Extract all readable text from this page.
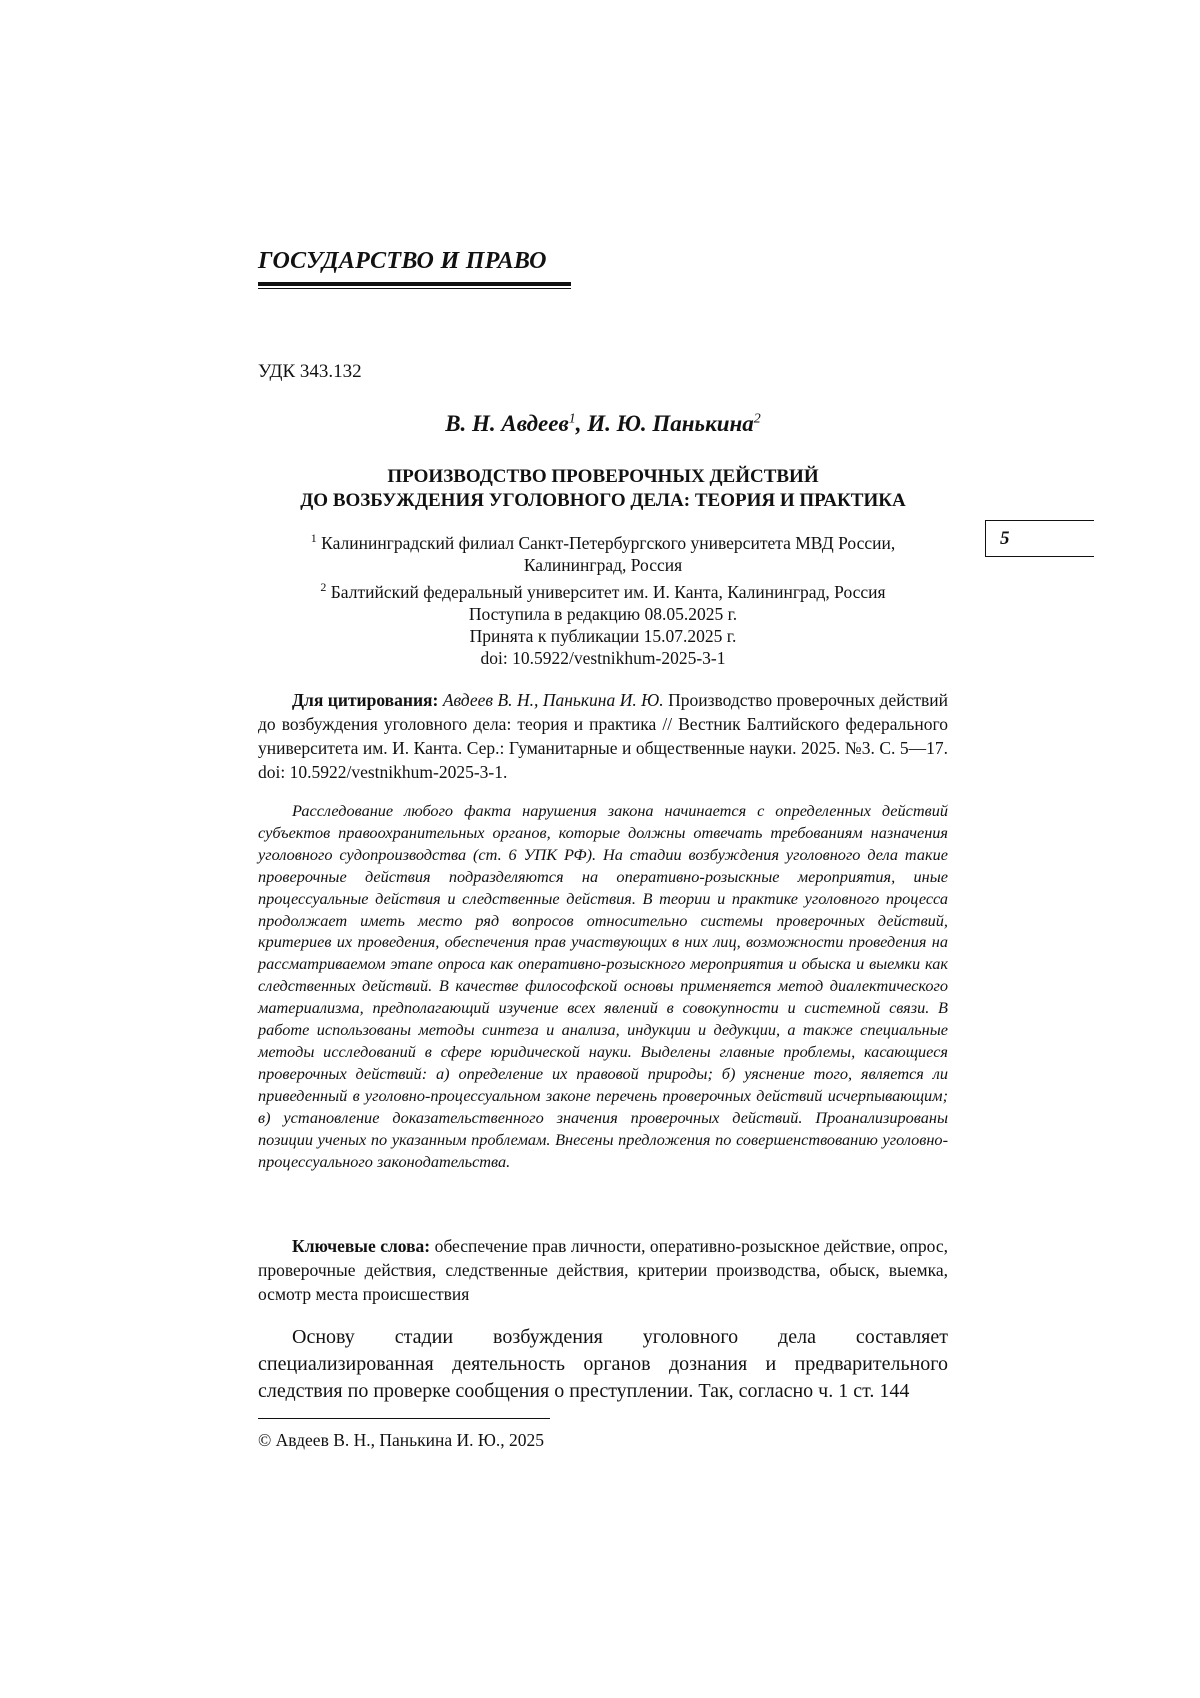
ГОСУДАРСТВО И ПРАВО
УДК 343.132
В. Н. Авдеев$^1$, И. Ю. Панькина$^2$
ПРОИЗВОДСТВО ПРОВЕРОЧНЫХ ДЕЙСТВИЙ
ДО ВОЗБУЖДЕНИЯ УГОЛОВНОГО ДЕЛА: ТЕОРИЯ И ПРАКТИКА
5
$^1$ Калининградский филиал Санкт-Петербургского университета МВД России,
Калининград, Россия
$^2$ Балтийский федеральный университет им. И. Канта, Калининград, Россия
Поступила в редакцию 08.05.2025 г.
Принята к публикации 15.07.2025 г.
doi: 10.5922/vestnikhum-2025-3-1
Для цитирования: Авдеев В. Н., Панькина И. Ю. Производство проверочных действий до возбуждения уголовного дела: теория и практика // Вестник Балтийского федерального университета им. И. Канта. Сер.: Гуманитарные и общественные науки. 2025. №3. С. 5—17. doi: 10.5922/vestnikhum-2025-3-1.
Расследование любого факта нарушения закона начинается с определенных действий субъектов правоохранительных органов, которые должны отвечать требованиям назначения уголовного судопроизводства (ст. 6 УПК РФ). На стадии возбуждения уголовного дела такие проверочные действия подразделяются на оперативно-розыскные мероприятия, иные процессуальные действия и следственные действия. В теории и практике уголовного процесса продолжает иметь место ряд вопросов относительно системы проверочных действий, критериев их проведения, обеспечения прав участвующих в них лиц, возможности проведения на рассматриваемом этапе опроса как оперативно-розыскного мероприятия и обыска и выемки как следственных действий. В качестве философской основы применяется метод диалектического материализма, предполагающий изучение всех явлений в совокупности и системной связи. В работе использованы методы синтеза и анализа, индукции и дедукции, а также специальные методы исследований в сфере юридической науки. Выделены главные проблемы, касающиеся проверочных действий: а) определение их правовой природы; б) уяснение того, является ли приведенный в уголовно-процессуальном законе перечень проверочных действий исчерпывающим; в) установление доказательственного значения проверочных действий. Проанализированы позиции ученых по указанным проблемам. Внесены предложения по совершенствованию уголовно-процессуального законодательства.
Ключевые слова: обеспечение прав личности, оперативно-розыскное действие, опрос, проверочные действия, следственные действия, критерии производства, обыск, выемка, осмотр места происшествия
Основу стадии возбуждения уголовного дела составляет специализированная деятельность органов дознания и предварительного следствия по проверке сообщения о преступлении. Так, согласно ч. 1 ст. 144
© Авдеев В. Н., Панькина И. Ю., 2025
